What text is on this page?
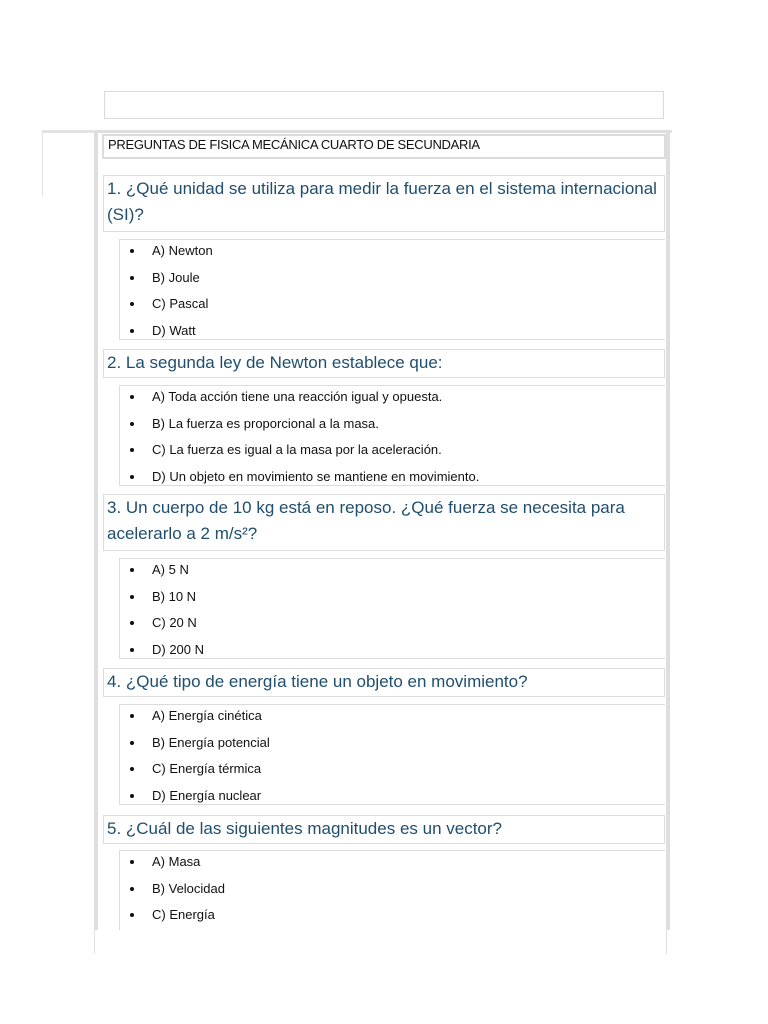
PREGUNTAS DE FISICA MECÁNICA CUARTO DE SECUNDARIA
1. ¿Qué unidad se utiliza para medir la fuerza en el sistema internacional (SI)?
A) Newton
B) Joule
C) Pascal
D) Watt
2. La segunda ley de Newton establece que:
A) Toda acción tiene una reacción igual y opuesta.
B) La fuerza es proporcional a la masa.
C) La fuerza es igual a la masa por la aceleración.
D) Un objeto en movimiento se mantiene en movimiento.
3. Un cuerpo de 10 kg está en reposo. ¿Qué fuerza se necesita para acelerarlo a 2 m/s²?
A) 5 N
B) 10 N
C) 20 N
D) 200 N
4. ¿Qué tipo de energía tiene un objeto en movimiento?
A) Energía cinética
B) Energía potencial
C) Energía térmica
D) Energía nuclear
5. ¿Cuál de las siguientes magnitudes es un vector?
A) Masa
B) Velocidad
C) Energía
